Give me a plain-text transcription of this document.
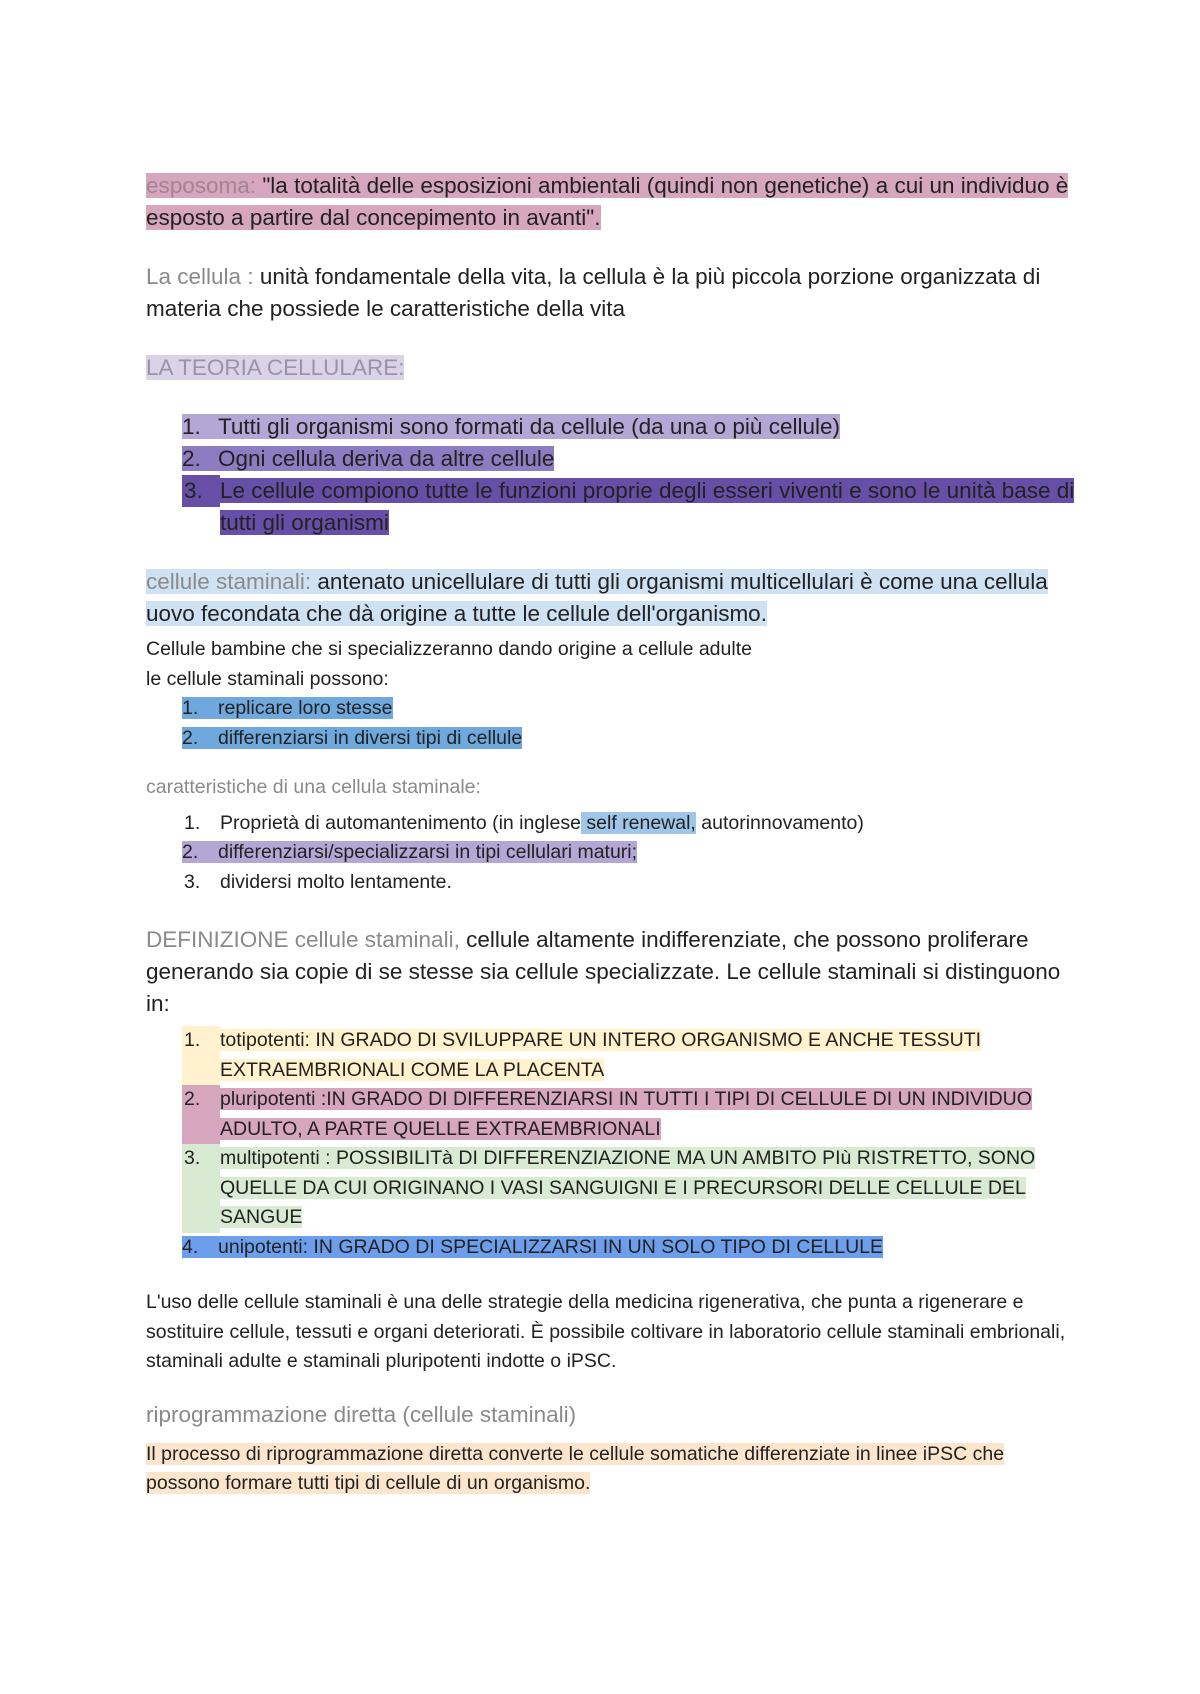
esposoma: "la totalità delle esposizioni ambientali (quindi non genetiche) a cui un individuo è esposto a partire dal concepimento in avanti".

La cellula : unità fondamentale della vita, la cellula è la più piccola porzione organizzata di materia che possiede le caratteristiche della vita

LA TEORIA CELLULARE:

1. Tutti gli organismi sono formati da cellule (da una o più cellule)
2. Ogni cellula deriva da altre cellule
3. Le cellule compiono tutte le funzioni proprie degli esseri viventi e sono le unità base di tutti gli organismi

cellule staminali: antenato unicellulare di tutti gli organismi multicellulari è come una cellula uovo fecondata che dà origine a tutte le cellule dell'organismo.

Cellule bambine che si specializzeranno dando origine a cellule adulte

le cellule staminali possono:

1. replicare loro stesse
2. differenziarsi in diversi tipi di cellule

caratteristiche di una cellula staminale:

1.	Proprietà di automantenimento (in inglese self renewal, autorinnovamento)
2. differenziarsi/specializzarsi in tipi cellulari maturi;
3.	dividersi molto lentamente.

DEFINIZIONE cellule staminali, cellule altamente indifferenziate, che possono proliferare generando sia copie di se stesse sia cellule specializzate. Le cellule staminali si distinguono in:

1.	totipotenti: IN GRADO DI SVILUPPARE UN INTERO ORGANISMO E ANCHE TESSUTI EXTRAEMBRIONALI COME LA PLACENTA
2.	pluripotenti :IN GRADO DI DIFFERENZIARSI IN TUTTI I TIPI DI CELLULE DI UN INDIVIDUO ADULTO, A PARTE QUELLE EXTRAEMBRIONALI
3.	multipotenti : POSSIBILITà DI DIFFERENZIAZIONE MA UN AMBITO PIù RISTRETTO, SONO QUELLE DA CUI ORIGINANO I VASI SANGUIGNI E I PRECURSORI DELLE CELLULE DEL SANGUE
4. unipotenti: IN GRADO DI SPECIALIZZARSI IN UN SOLO TIPO DI CELLULE

L'uso delle cellule staminali è una delle strategie della medicina rigenerativa, che punta a rigenerare e sostituire cellule, tessuti e organi deteriorati. È possibile coltivare in laboratorio cellule staminali embrionali, staminali adulte e staminali pluripotenti indotte o iPSC.

riprogrammazione diretta (cellule staminali)

Il processo di riprogrammazione diretta converte le cellule somatiche differenziate in linee iPSC che possono formare tutti tipi di cellule di un organismo.
